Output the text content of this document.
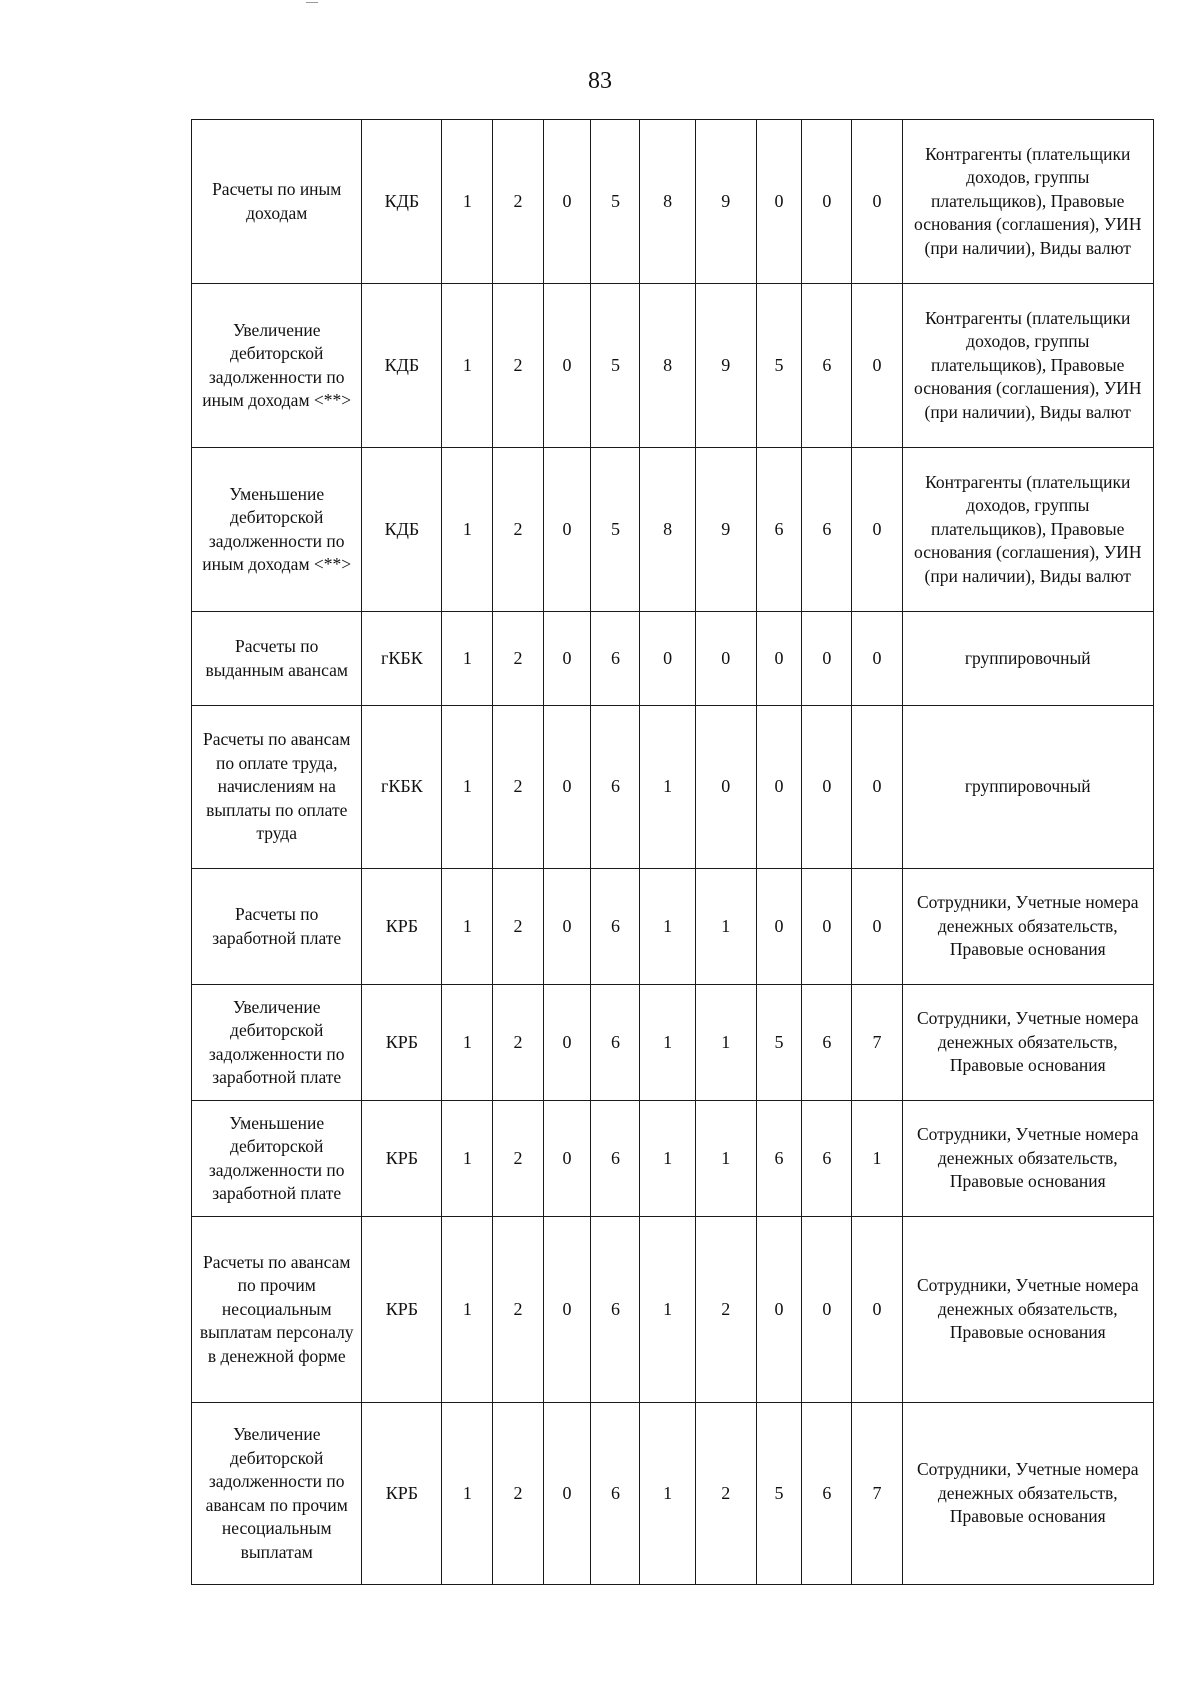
83
Расчеты по иным доходам	КДБ	1	2	0	5	8	9	0	0	0	Контрагенты (плательщики доходов, группы плательщиков), Правовые основания (соглашения), УИН (при наличии), Виды валют
Увеличение дебиторской задолженности по иным доходам <**>	КДБ	1	2	0	5	8	9	5	6	0	Контрагенты (плательщики доходов, группы плательщиков), Правовые основания (соглашения), УИН (при наличии), Виды валют
Уменьшение дебиторской задолженности по иным доходам <**>	КДБ	1	2	0	5	8	9	6	6	0	Контрагенты (плательщики доходов, группы плательщиков), Правовые основания (соглашения), УИН (при наличии), Виды валют
Расчеты по выданным авансам	гКБК	1	2	0	6	0	0	0	0	0	группировочный
Расчеты по авансам по оплате труда, начислениям на выплаты по оплате труда	гКБК	1	2	0	6	1	0	0	0	0	группировочный
Расчеты по заработной плате	КРБ	1	2	0	6	1	1	0	0	0	Сотрудники, Учетные номера денежных обязательств, Правовые основания
Увеличение дебиторской задолженности по заработной плате	КРБ	1	2	0	6	1	1	5	6	7	Сотрудники, Учетные номера денежных обязательств, Правовые основания
Уменьшение дебиторской задолженности по заработной плате	КРБ	1	2	0	6	1	1	6	6	1	Сотрудники, Учетные номера денежных обязательств, Правовые основания
Расчеты по авансам по прочим несоциальным выплатам персоналу в денежной форме	КРБ	1	2	0	6	1	2	0	0	0	Сотрудники, Учетные номера денежных обязательств, Правовые основания
Увеличение дебиторской задолженности по авансам по прочим несоциальным выплатам	КРБ	1	2	0	6	1	2	5	6	7	Сотрудники, Учетные номера денежных обязательств, Правовые основания
